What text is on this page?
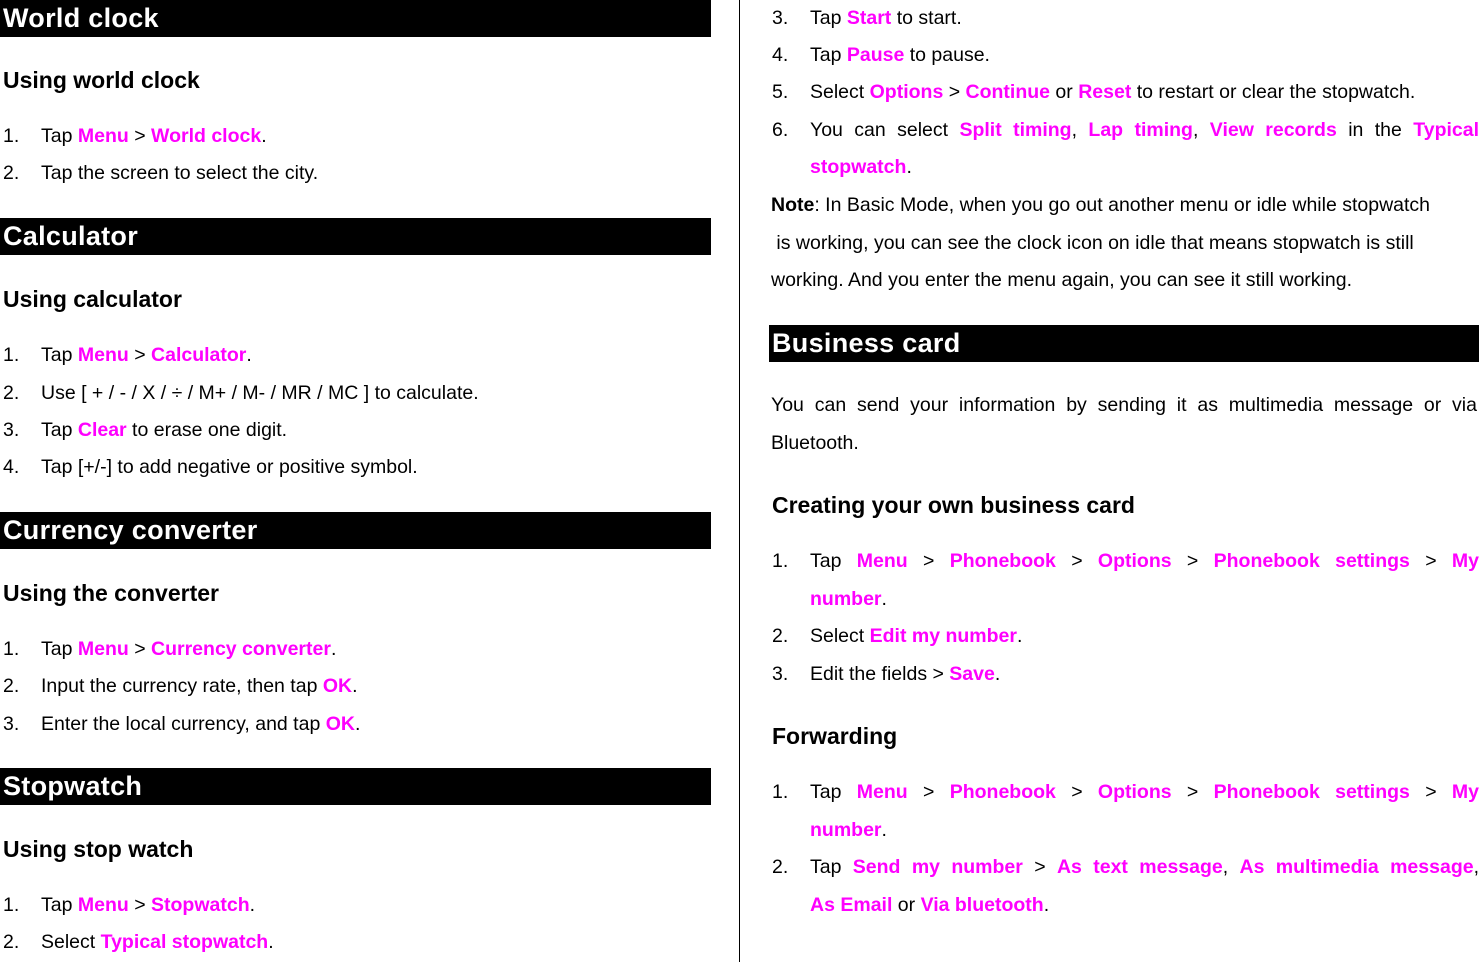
World clock
Using world clock
1. Tap Menu > World clock.
2. Tap the screen to select the city.
Calculator
Using calculator
1. Tap Menu > Calculator.
2. Use [ + / - / X / ÷ / M+ / M- / MR / MC ] to calculate.
3. Tap Clear to erase one digit.
4. Tap [+/-] to add negative or positive symbol.
Currency converter
Using the converter
1. Tap Menu > Currency converter.
2. Input the currency rate, then tap OK.
3. Enter the local currency, and tap OK.
Stopwatch
Using stop watch
1. Tap Menu > Stopwatch.
2. Select Typical stopwatch.
3. Tap Start to start.
4. Tap Pause to pause.
5. Select Options > Continue or Reset to restart or clear the stopwatch.
6. You can select Split timing, Lap timing, View records in the Typical
stopwatch.
Note: In Basic Mode, when you go out another menu or idle while stopwatch
is working, you can see the clock icon on idle that means stopwatch is still
working. And you enter the menu again, you can see it still working.
Business card
You can send your information by sending it as multimedia message or via
Bluetooth.
Creating your own business card
1. Tap Menu > Phonebook > Options > Phonebook settings > My
number.
2. Select Edit my number.
3. Edit the fields > Save.
Forwarding
1. Tap Menu > Phonebook > Options > Phonebook settings > My
number.
2. Tap Send my number > As text message, As multimedia message,
As Email or Via bluetooth.
